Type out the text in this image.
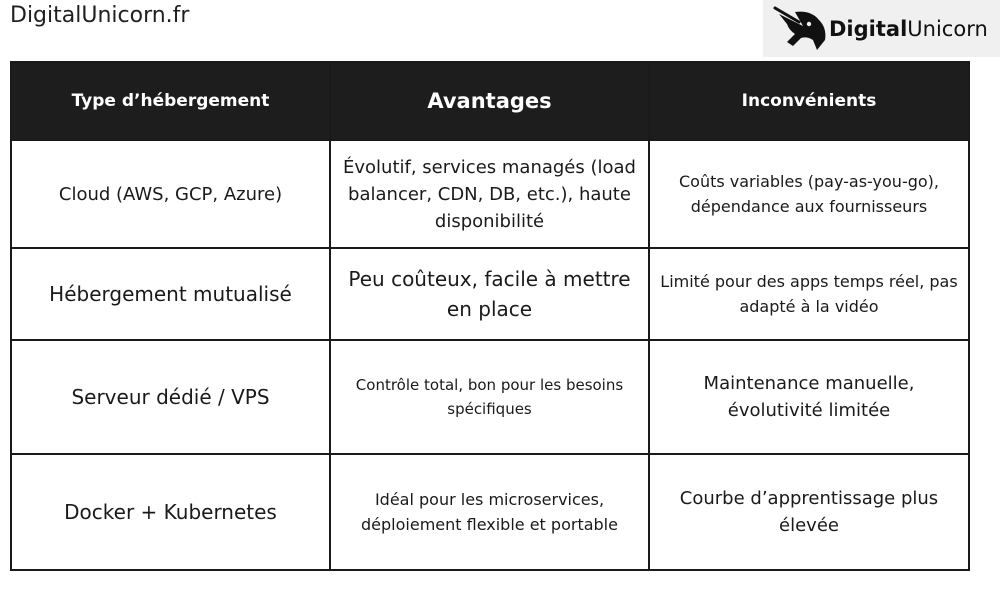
DigitalUnicorn.fr
DigitalUnicorn
Type d’hébergement	Avantages	Inconvénients
Cloud (AWS, GCP, Azure)	Évolutif, services managés (load balancer, CDN, DB, etc.), haute disponibilité	Coûts variables (pay-as-you-go), dépendance aux fournisseurs
Hébergement mutualisé	Peu coûteux, facile à mettre en place	Limité pour des apps temps réel, pas adapté à la vidéo
Serveur dédié / VPS	Contrôle total, bon pour les besoins spécifiques	Maintenance manuelle, évolutivité limitée
Docker + Kubernetes	Idéal pour les microservices, déploiement flexible et portable	Courbe d’apprentissage plus élevée
